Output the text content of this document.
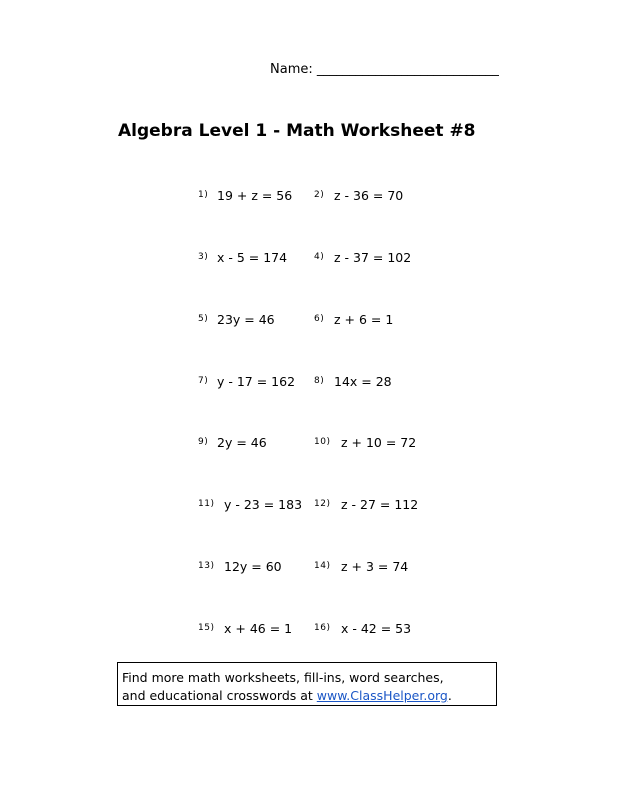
Name: ____________________________
Algebra Level 1 - Math Worksheet #8
1) 19 + z = 56 2) z - 36 = 70
3) x - 5 = 174	4) z - 37 = 102
5) 23y = 46	6) z + 6 = 1
7) y - 17 = 162 8) 14x = 28
9) 2y = 46	10) z + 10 = 72
11) y - 23 = 183 12) z - 27 = 112
13) 12y = 60	14) z + 3 = 74
15) x + 46 = 1 16) x - 42 = 53
Find more math worksheets, fill-ins, word searches,
and educational crosswords at www.ClassHelper.org.
